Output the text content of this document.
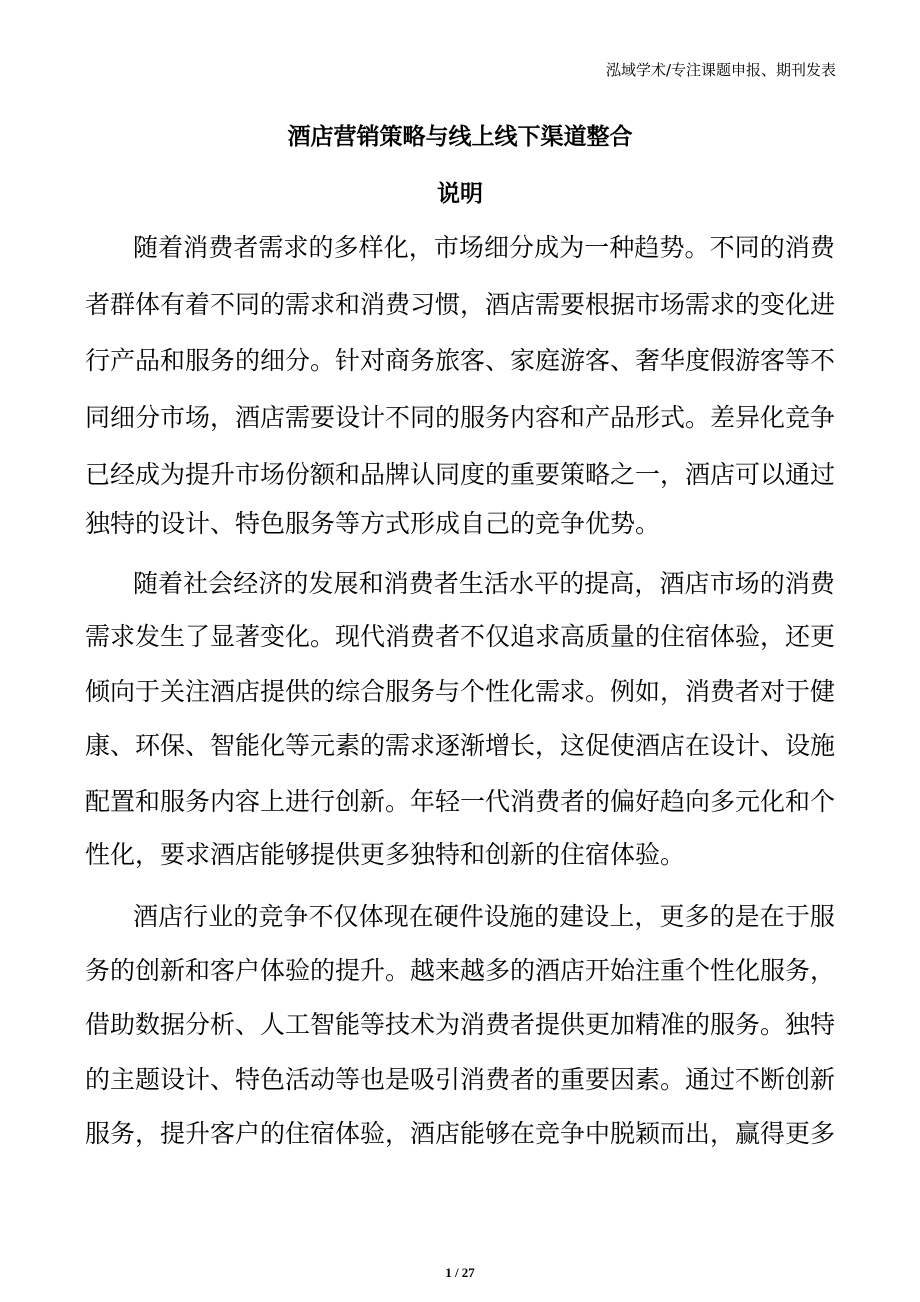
泓域学术/专注课题申报、期刊发表
酒店营销策略与线上线下渠道整合
说明
随着消费者需求的多样化，市场细分成为一种趋势。不同的消费
者群体有着不同的需求和消费习惯，酒店需要根据市场需求的变化进
行产品和服务的细分。针对商务旅客、家庭游客、奢华度假游客等不
同细分市场，酒店需要设计不同的服务内容和产品形式。差异化竞争
已经成为提升市场份额和品牌认同度的重要策略之一，酒店可以通过
独特的设计、特色服务等方式形成自己的竞争优势。
随着社会经济的发展和消费者生活水平的提高，酒店市场的消费
需求发生了显著变化。现代消费者不仅追求高质量的住宿体验，还更
倾向于关注酒店提供的综合服务与个性化需求。例如，消费者对于健
康、环保、智能化等元素的需求逐渐增长，这促使酒店在设计、设施
配置和服务内容上进行创新。年轻一代消费者的偏好趋向多元化和个
性化，要求酒店能够提供更多独特和创新的住宿体验。
酒店行业的竞争不仅体现在硬件设施的建设上，更多的是在于服
务的创新和客户体验的提升。越来越多的酒店开始注重个性化服务，
借助数据分析、人工智能等技术为消费者提供更加精准的服务。独特
的主题设计、特色活动等也是吸引消费者的重要因素。通过不断创新
服务，提升客户的住宿体验，酒店能够在竞争中脱颖而出，赢得更多
1 / 27
